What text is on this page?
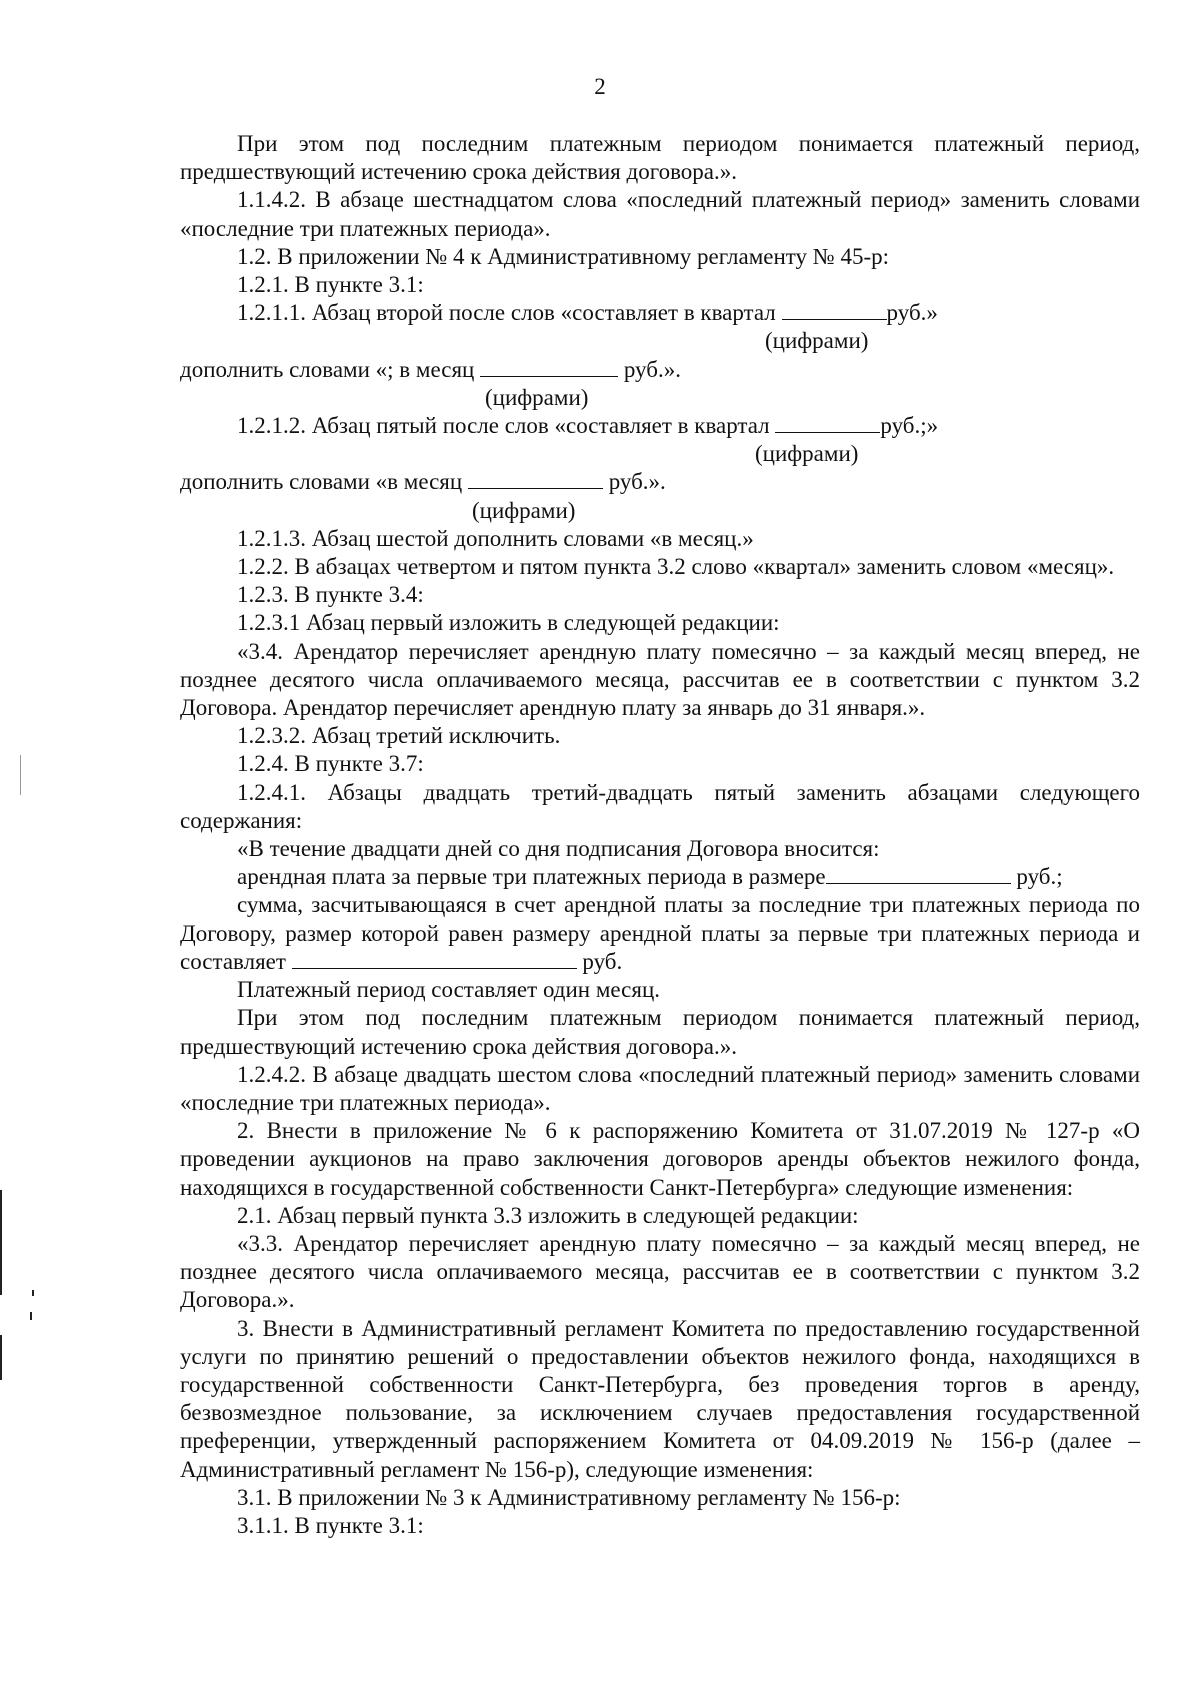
2

При этом под последним платежным периодом понимается платежный период, предшествующий истечению срока действия договора.».

1.1.4.2. В абзаце шестнадцатом слова «последний платежный период» заменить словами «последние три платежных периода».

1.2. В приложении № 4 к Административному регламенту № 45-р:

1.2.1. В пункте 3.1:

1.2.1.1. Абзац второй после слов «составляет в квартал	руб.»

(цифрами)

дополнить словами «; в месяц	руб.».

(цифрами)

1.2.1.2. Абзац пятый после слов «составляет в квартал	руб.;»

(цифрами)

дополнить словами «в месяц	руб.».

(цифрами)

1.2.1.3. Абзац шестой дополнить словами «в месяц.»

1.2.2. В абзацах четвертом и пятом пункта 3.2 слово «квартал» заменить словом «месяц».

1.2.3. В пункте 3.4:

1.2.3.1 Абзац первый изложить в следующей редакции:

«3.4. Арендатор перечисляет арендную плату помесячно – за каждый месяц вперед, не позднее десятого числа оплачиваемого месяца, рассчитав ее в соответствии с пунктом 3.2 Договора. Арендатор перечисляет арендную плату за январь до 31 января.».

1.2.3.2. Абзац третий исключить.

1.2.4. В пункте 3.7:

1.2.4.1. Абзацы двадцать третий-двадцать пятый заменить абзацами следующего содержания:

«В течение двадцати дней со дня подписания Договора вносится:

арендная плата за первые три платежных периода в размере	руб.;

сумма, засчитывающаяся в счет арендной платы за последние три платежных периода по Договору, размер которой равен размеру арендной платы за первые три платежных периода и составляет	руб.

Платежный период составляет один месяц.

При этом под последним платежным периодом понимается платежный период, предшествующий истечению срока действия договора.».

1.2.4.2. В абзаце двадцать шестом слова «последний платежный период» заменить словами «последние три платежных периода».

2. Внести в приложение № 6 к распоряжению Комитета от 31.07.2019 № 127-р «О проведении аукционов на право заключения договоров аренды объектов нежилого фонда, находящихся в государственной собственности Санкт-Петербурга» следующие изменения:

2.1. Абзац первый пункта 3.3 изложить в следующей редакции:

«3.3. Арендатор перечисляет арендную плату помесячно – за каждый месяц вперед, не позднее десятого числа оплачиваемого месяца, рассчитав ее в соответствии с пунктом 3.2 Договора.».

3. Внести в Административный регламент Комитета по предоставлению государственной услуги по принятию решений о предоставлении объектов нежилого фонда, находящихся в государственной собственности Санкт-Петербурга, без проведения торгов в аренду, безвозмездное пользование, за исключением случаев предоставления государственной преференции, утвержденный распоряжением Комитета от 04.09.2019 № 156-р (далее – Административный регламент № 156-р), следующие изменения:

3.1. В приложении № 3 к Административному регламенту № 156-р:

3.1.1. В пункте 3.1:
